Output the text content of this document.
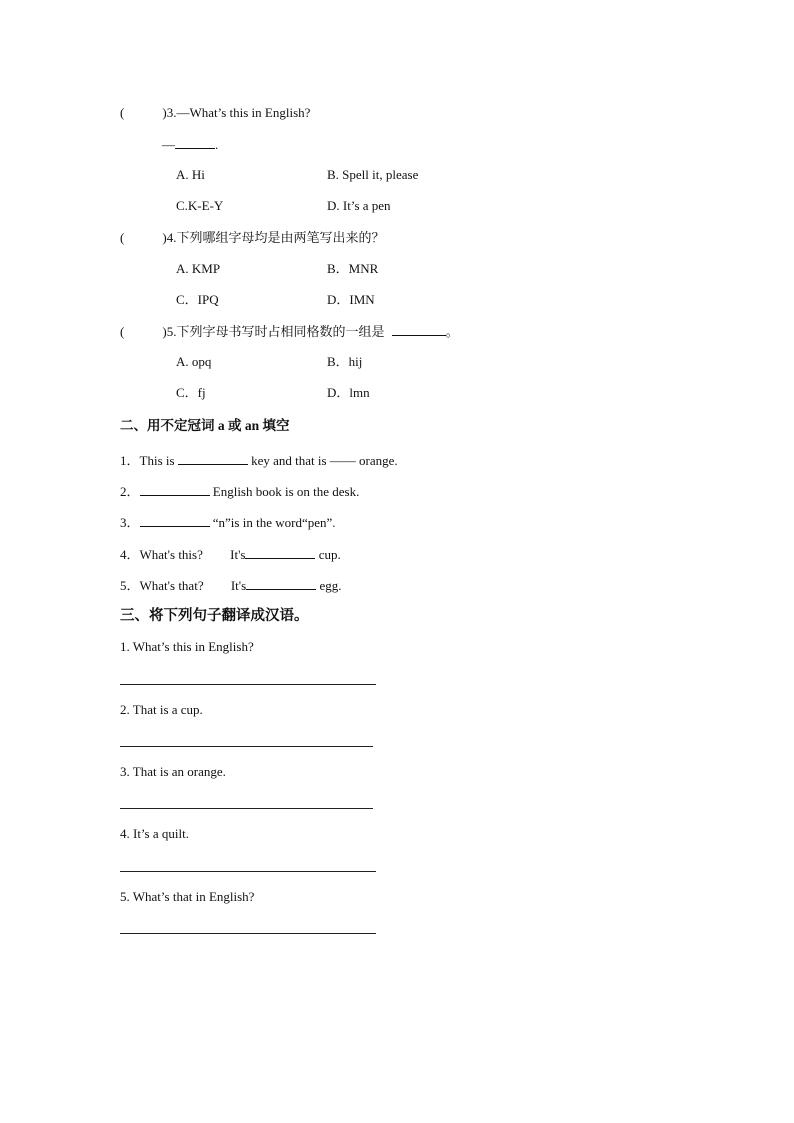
(	)3.—What’s this in English?
—	.
A. Hi	B. Spell it, please
C.K-E-Y	D. It’s a pen
(	)4.下列哪组字母均是由两笔写出来的？
A. KMP	B．MNR
C．IPQ	D．IMN
(	)5.下列字母书写时占相同格数的一组是	。
A. opq	B．hij
C．fj	D．lmn
二、用不定冠词 a 或 an 填空
1．This is	key and that is —— orange.
2．	English book is on the desk.
3．	“n”is in the word“pen”.
4．What's this? It's	cup.
5．What's that? It's	egg.
三、将下列句子翻译成汉语。
1. What’s this in English?
2. That is a cup.
3. That is an orange.
4. It’s a quilt.
5. What’s that in English?
